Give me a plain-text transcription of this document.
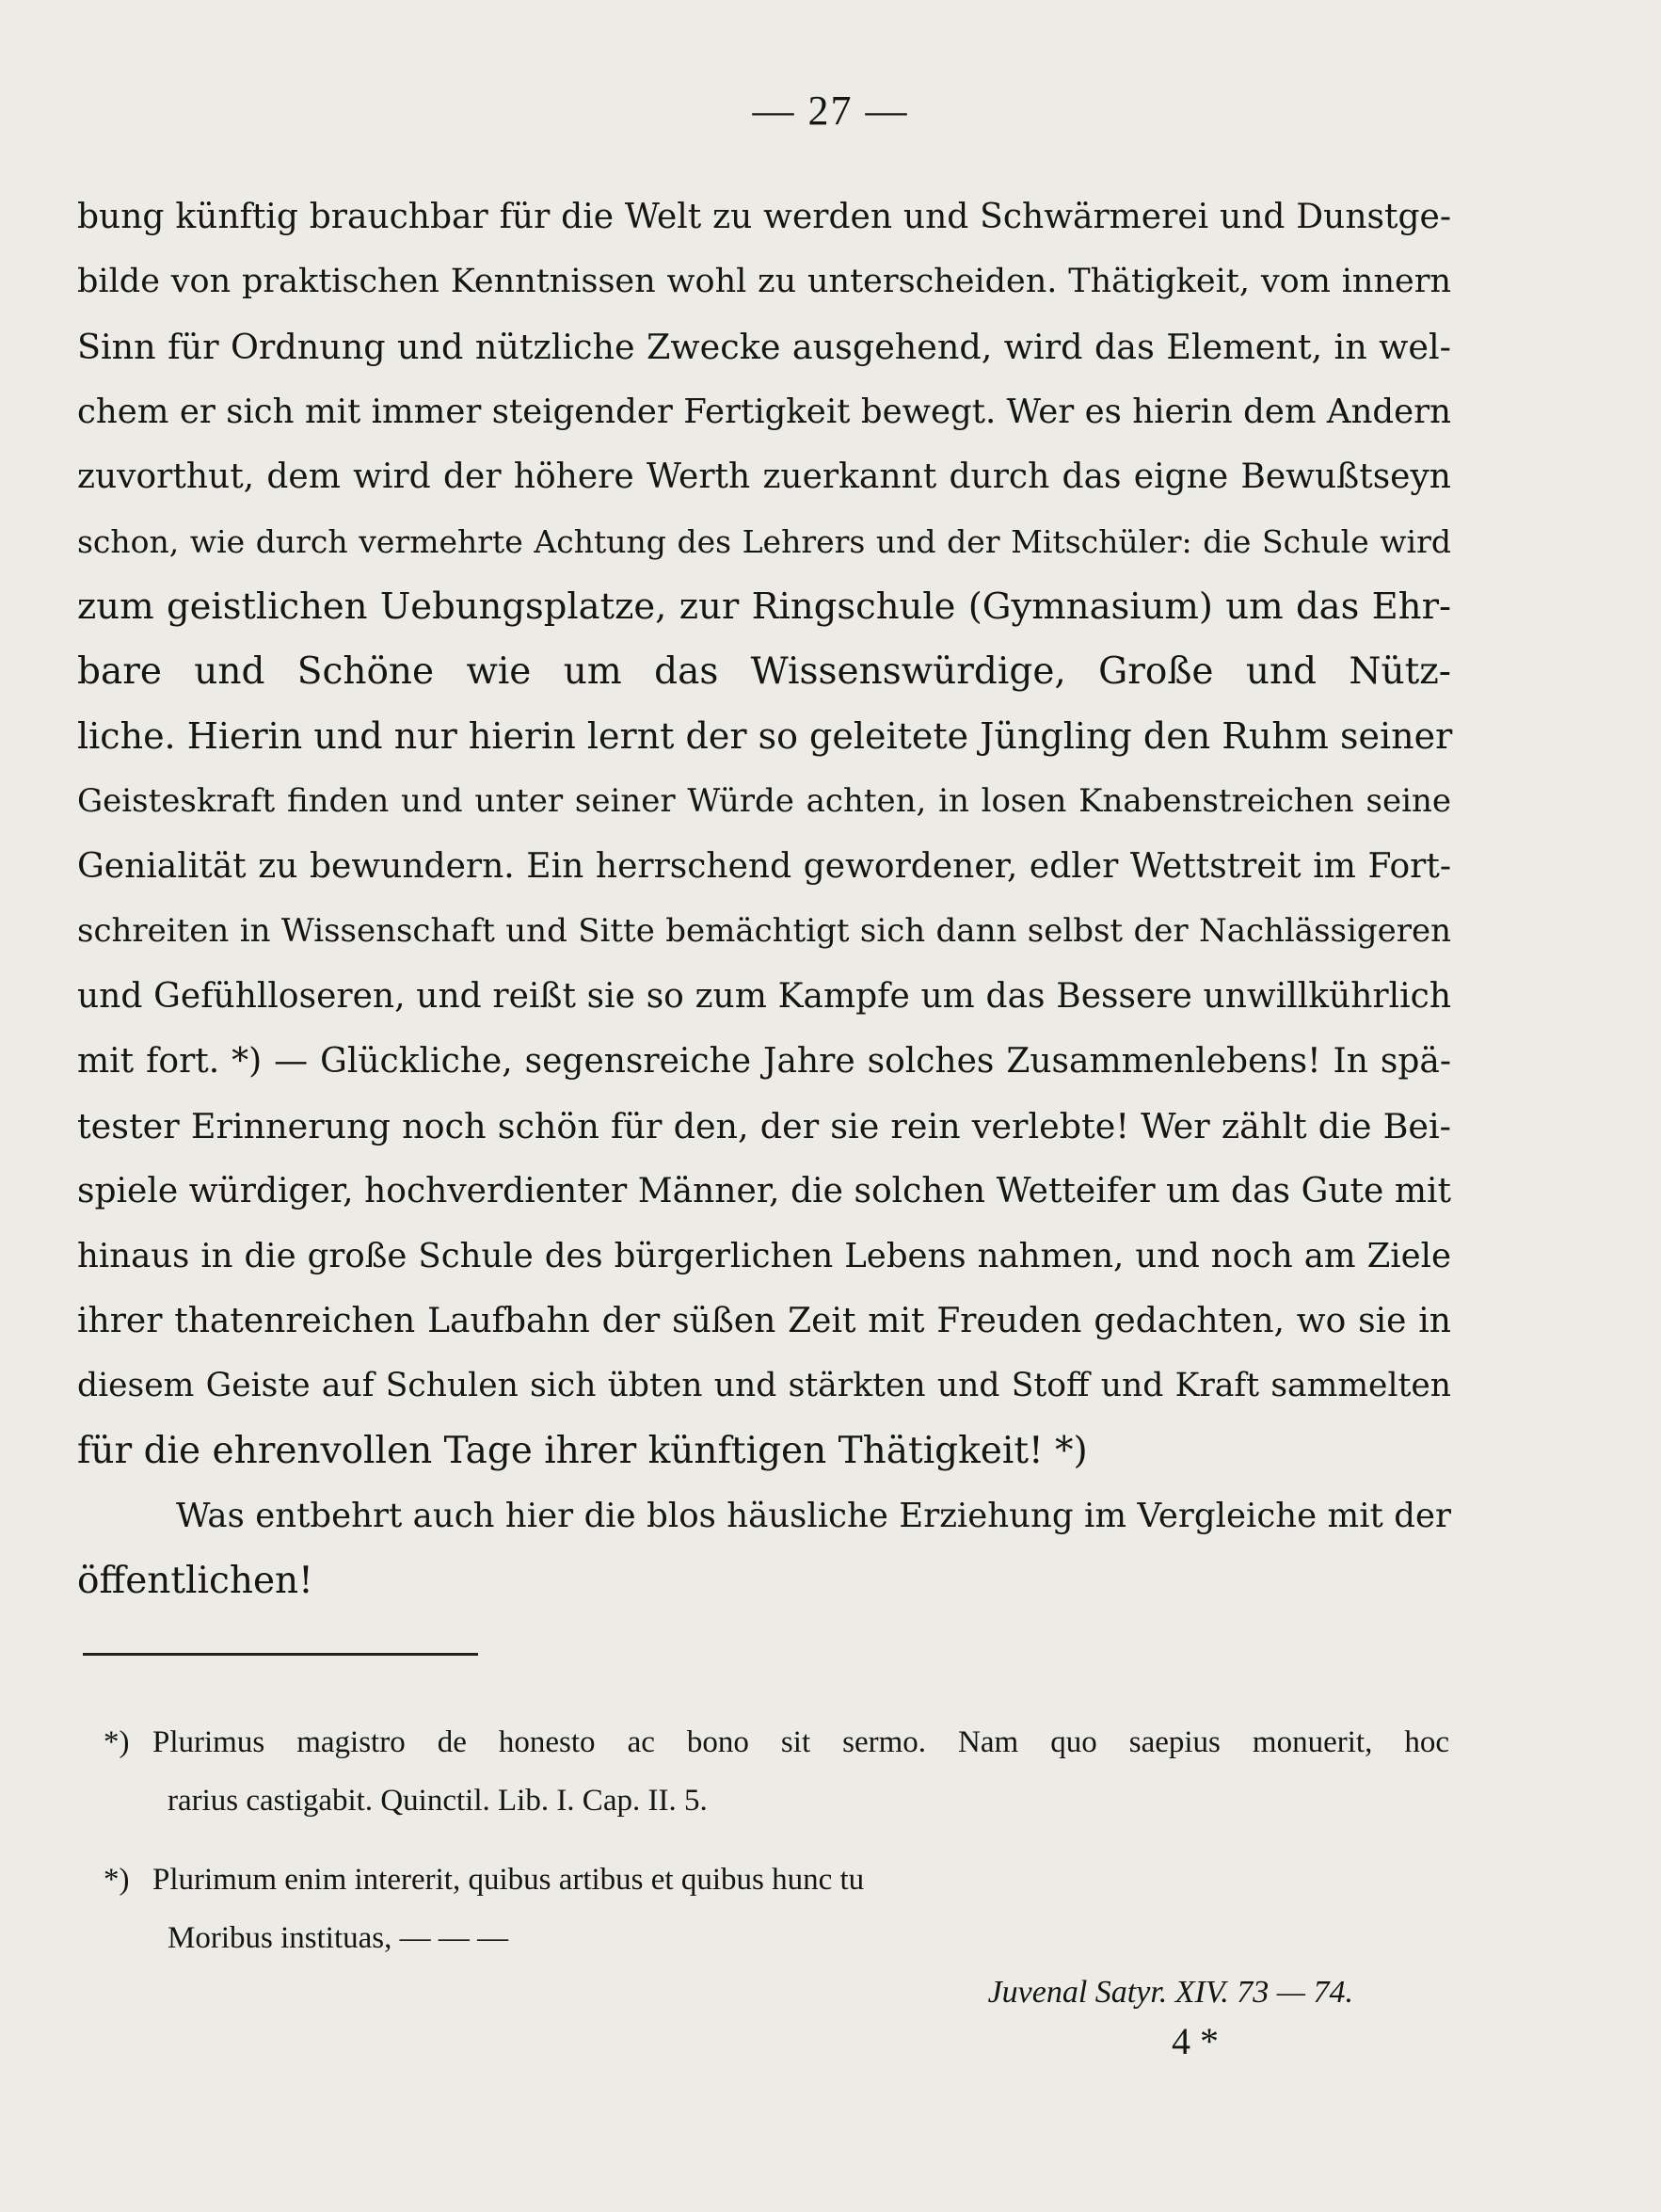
— 27 —
bung künftig brauchbar für die Welt zu werden und Schwärmerei und Dunstge-
bilde von praktischen Kenntnissen wohl zu unterscheiden. Thätigkeit, vom innern
Sinn für Ordnung und nützliche Zwecke ausgehend, wird das Element, in wel-
chem er sich mit immer steigender Fertigkeit bewegt. Wer es hierin dem Andern
zuvorthut, dem wird der höhere Werth zuerkannt durch das eigne Bewußtseyn
schon, wie durch vermehrte Achtung des Lehrers und der Mitschüler: die Schule wird
zum geistlichen Uebungsplatze, zur Ringschule (Gymnasium) um das Ehr-
bare und Schöne wie um das Wissenswürdige, Große und Nütz-
liche. Hierin und nur hierin lernt der so geleitete Jüngling den Ruhm seiner
Geisteskraft finden und unter seiner Würde achten, in losen Knabenstreichen seine
Genialität zu bewundern. Ein herrschend gewordener, edler Wettstreit im Fort-
schreiten in Wissenschaft und Sitte bemächtigt sich dann selbst der Nachlässigeren
und Gefühlloseren, und reißt sie so zum Kampfe um das Bessere unwillkührlich
mit fort. *) — Glückliche, segensreiche Jahre solches Zusammenlebens! In spä-
tester Erinnerung noch schön für den, der sie rein verlebte! Wer zählt die Bei-
spiele würdiger, hochverdienter Männer, die solchen Wetteifer um das Gute mit
hinaus in die große Schule des bürgerlichen Lebens nahmen, und noch am Ziele
ihrer thatenreichen Laufbahn der süßen Zeit mit Freuden gedachten, wo sie in
diesem Geiste auf Schulen sich übten und stärkten und Stoff und Kraft sammelten
für die ehrenvollen Tage ihrer künftigen Thätigkeit! *)
Was entbehrt auch hier die blos häusliche Erziehung im Vergleiche mit der
öffentlichen!
*) Plurimus magistro de honesto ac bono sit sermo. Nam quo saepius monuerit, hoc
rarius castigabit. Quinctil. Lib. I. Cap. II. 5.
*) Plurimum enim intererit, quibus artibus et quibus hunc tu
Moribus instituas, — — —
Juvenal Satyr. XIV. 73 — 74.
4 *
